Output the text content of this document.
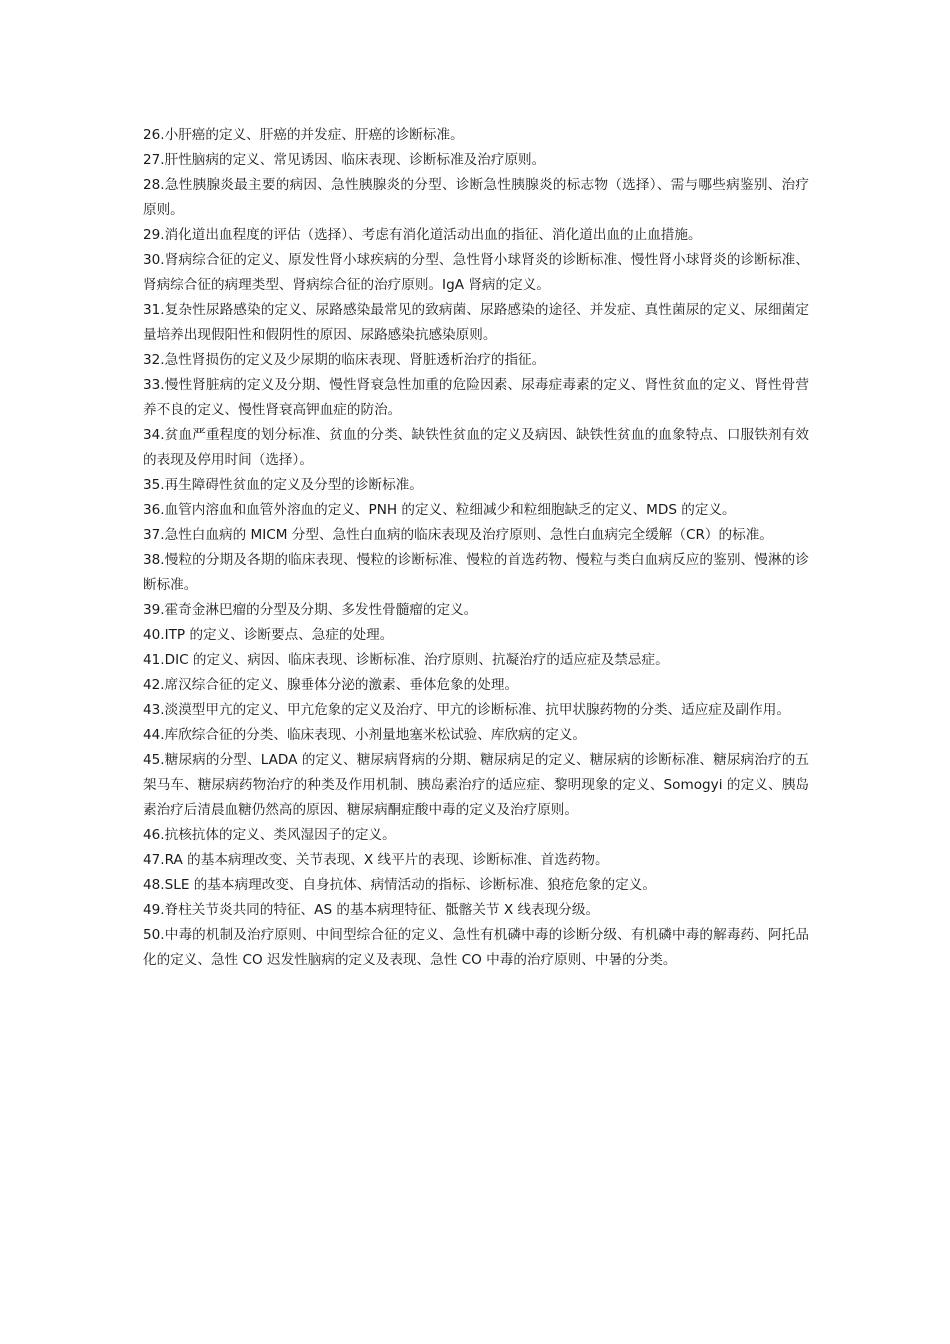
26.小肝癌的定义、肝癌的并发症、肝癌的诊断标准。

27.肝性脑病的定义、常见诱因、临床表现、诊断标准及治疗原则。

28.急性胰腺炎最主要的病因、急性胰腺炎的分型、诊断急性胰腺炎的标志物（选择）、需与哪些病鉴别、治疗原则。

29.消化道出血程度的评估（选择）、考虑有消化道活动出血的指征、消化道出血的止血措施。

30.肾病综合征的定义、原发性肾小球疾病的分型、急性肾小球肾炎的诊断标准、慢性肾小球肾炎的诊断标准、肾病综合征的病理类型、肾病综合征的治疗原则。IgA 肾病的定义。

31.复杂性尿路感染的定义、尿路感染最常见的致病菌、尿路感染的途径、并发症、真性菌尿的定义、尿细菌定量培养出现假阳性和假阴性的原因、尿路感染抗感染原则。

32.急性肾损伤的定义及少尿期的临床表现、肾脏透析治疗的指征。

33.慢性肾脏病的定义及分期、慢性肾衰急性加重的危险因素、尿毒症毒素的定义、肾性贫血的定义、肾性骨营养不良的定义、慢性肾衰高钾血症的防治。

34.贫血严重程度的划分标准、贫血的分类、缺铁性贫血的定义及病因、缺铁性贫血的血象特点、口服铁剂有效的表现及停用时间（选择）。

35.再生障碍性贫血的定义及分型的诊断标准。

36.血管内溶血和血管外溶血的定义、PNH 的定义、粒细减少和粒细胞缺乏的定义、MDS 的定义。

37.急性白血病的 MICM 分型、急性白血病的临床表现及治疗原则、急性白血病完全缓解（CR）的标准。

38.慢粒的分期及各期的临床表现、慢粒的诊断标准、慢粒的首选药物、慢粒与类白血病反应的鉴别、慢淋的诊断标准。

39.霍奇金淋巴瘤的分型及分期、多发性骨髓瘤的定义。

40.ITP 的定义、诊断要点、急症的处理。

41.DIC 的定义、病因、临床表现、诊断标准、治疗原则、抗凝治疗的适应症及禁忌症。

42.席汉综合征的定义、腺垂体分泌的激素、垂体危象的处理。

43.淡漠型甲亢的定义、甲亢危象的定义及治疗、甲亢的诊断标准、抗甲状腺药物的分类、适应症及副作用。

44.库欣综合征的分类、临床表现、小剂量地塞米松试验、库欣病的定义。

45.糖尿病的分型、LADA 的定义、糖尿病肾病的分期、糖尿病足的定义、糖尿病的诊断标准、糖尿病治疗的五架马车、糖尿病药物治疗的种类及作用机制、胰岛素治疗的适应症、黎明现象的定义、Somogyi 的定义、胰岛素治疗后清晨血糖仍然高的原因、糖尿病酮症酸中毒的定义及治疗原则。

46.抗核抗体的定义、类风湿因子的定义。

47.RA 的基本病理改变、关节表现、X 线平片的表现、诊断标准、首选药物。

48.SLE 的基本病理改变、自身抗体、病情活动的指标、诊断标准、狼疮危象的定义。

49.脊柱关节炎共同的特征、AS 的基本病理特征、骶髂关节 X 线表现分级。

50.中毒的机制及治疗原则、中间型综合征的定义、急性有机磷中毒的诊断分级、有机磷中毒的解毒药、阿托品化的定义、急性 CO 迟发性脑病的定义及表现、急性 CO 中毒的治疗原则、中暑的分类。
